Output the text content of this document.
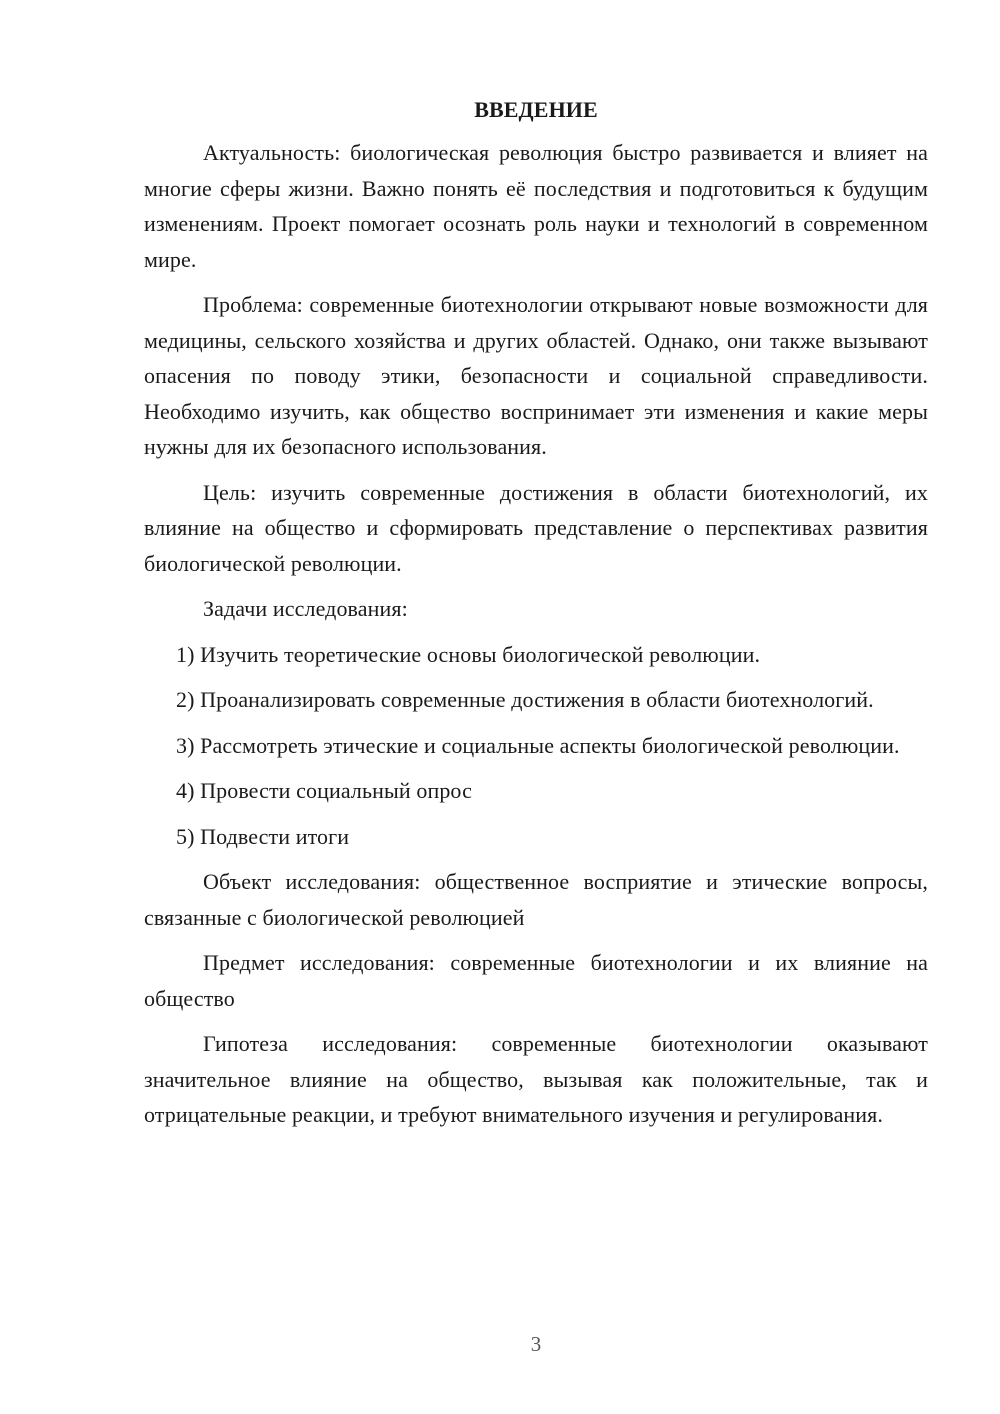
ВВЕДЕНИЕ

Актуальность: биологическая революция быстро развивается и влияет на многие сферы жизни. Важно понять её последствия и подготовиться к будущим изменениям. Проект помогает осознать роль науки и технологий в современном мире.

Проблема: современные биотехнологии открывают новые возможности для медицины, сельского хозяйства и других областей. Однако, они также вызывают опасения по поводу этики, безопасности и социальной справедливости. Необходимо изучить, как общество воспринимает эти изменения и какие меры нужны для их безопасного использования.

Цель: изучить современные достижения в области биотехнологий, их влияние на общество и сформировать представление о перспективах развития биологической революции.

Задачи исследования:

1) Изучить теоретические основы биологической революции.

2) Проанализировать современные достижения в области биотехнологий.

3) Рассмотреть этические и социальные аспекты биологической революции.

4) Провести социальный опрос

5) Подвести итоги

Объект исследования: общественное восприятие и этические вопросы, связанные с биологической революцией

Предмет исследования: современные биотехнологии и их влияние на общество

Гипотеза исследования: современные биотехнологии оказывают значительное влияние на общество, вызывая как положительные, так и отрицательные реакции, и требуют внимательного изучения и регулирования.

3
